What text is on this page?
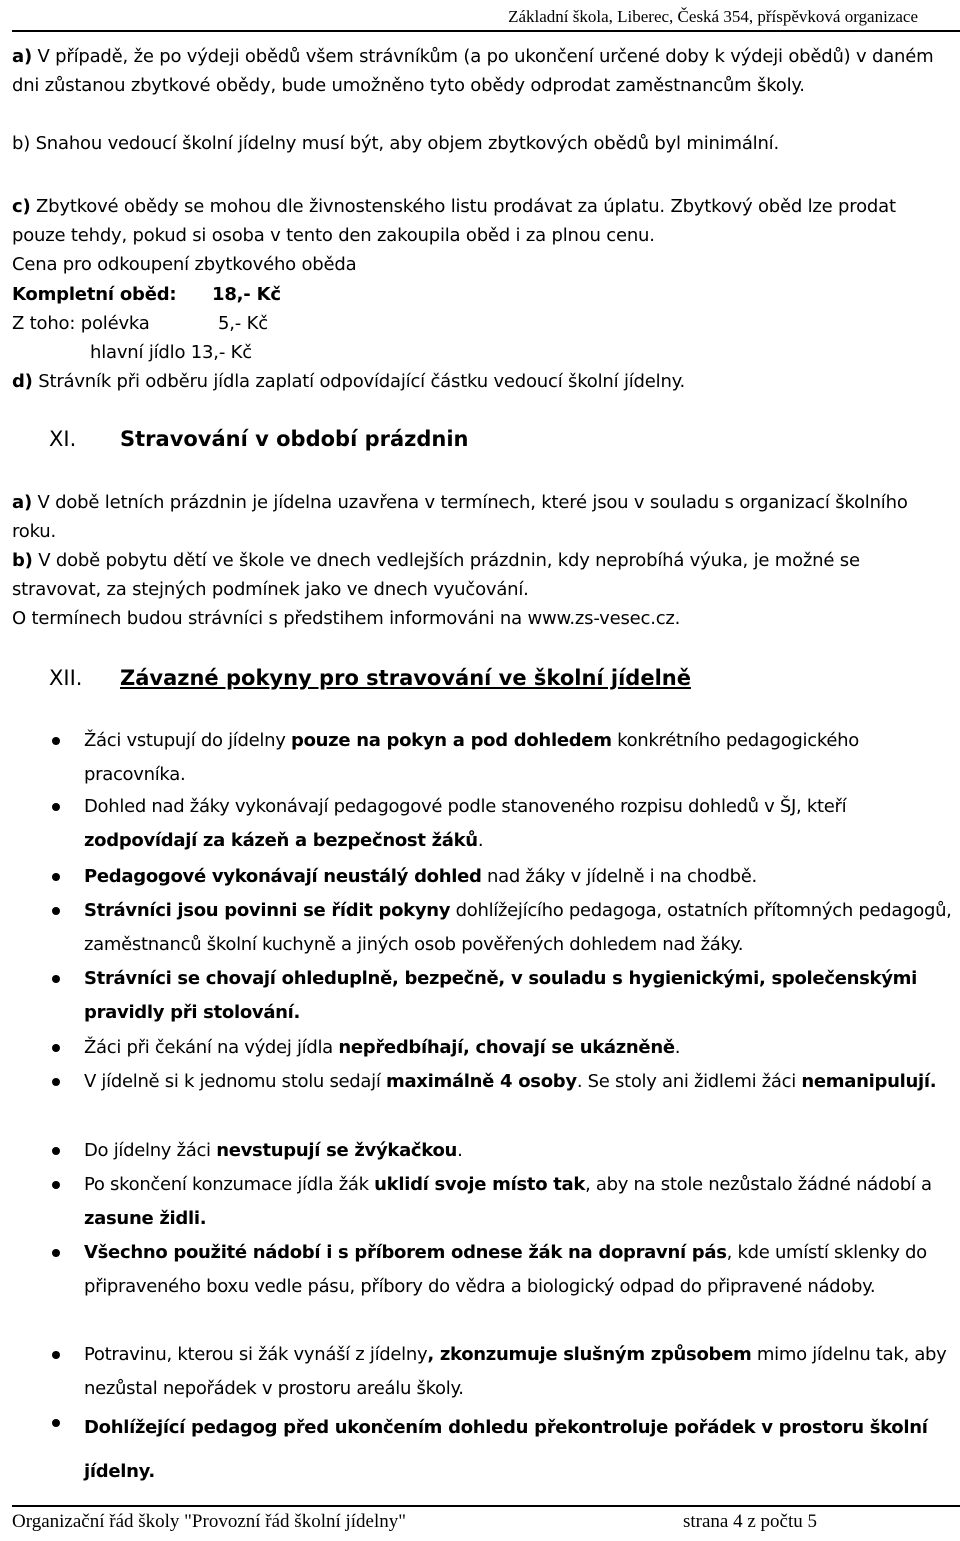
Základní škola, Liberec, Česká 354, příspěvková organizace
a) V případě, že po výdeji obědů všem strávníkům (a po ukončení určené doby k výdeji obědů) v daném dni zůstanou zbytkové obědy, bude umožněno tyto obědy odprodat zaměstnancům školy.
b) Snahou vedoucí školní jídelny musí být, aby objem zbytkových obědů byl minimální.
c) Zbytkové obědy se mohou dle živnostenského listu prodávat za úplatu. Zbytkový oběd lze prodat pouze tehdy, pokud si osoba v tento den zakoupila oběd i za plnou cenu.
Cena pro odkoupení zbytkového oběda
Kompletní oběd: 18,- Kč
Z toho: polévka	5,- Kč
hlavní jídlo 13,- Kč
d) Strávník při odběru jídla zaplatí odpovídající částku vedoucí školní jídelny.
XI. Stravování v období prázdnin
a) V době letních prázdnin je jídelna uzavřena v termínech, které jsou v souladu s organizací školního roku.
b) V době pobytu dětí ve škole ve dnech vedlejších prázdnin, kdy neprobíhá výuka, je možné se stravovat, za stejných podmínek jako ve dnech vyučování.
O termínech budou strávníci s předstihem informováni na www.zs-vesec.cz.
XII. Závazné pokyny pro stravování ve školní jídelně
Žáci vstupují do jídelny pouze na pokyn a pod dohledem konkrétního pedagogického pracovníka.
Dohled nad žáky vykonávají pedagogové podle stanoveného rozpisu dohledů v ŠJ, kteří zodpovídají za kázeň a bezpečnost žáků.
Pedagogové vykonávají neustálý dohled nad žáky v jídelně i na chodbě.
Strávníci jsou povinni se řídit pokyny dohlížejícího pedagoga, ostatních přítomných pedagogů, zaměstnanců školní kuchyně a jiných osob pověřených dohledem nad žáky.
Strávníci se chovají ohleduplně, bezpečně, v souladu s hygienickými, společenskými pravidly při stolování.
Žáci při čekání na výdej jídla nepředbíhají, chovají se ukázněně.
V jídelně si k jednomu stolu sedají maximálně 4 osoby. Se stoly ani židlemi žáci nemanipulují.
Do jídelny žáci nevstupují se žvýkačkou.
Po skončení konzumace jídla žák uklidí svoje místo tak, aby na stole nezůstalo žádné nádobí a zasune židli.
Všechno použité nádobí i s příborem odnese žák na dopravní pás, kde umístí sklenky do připraveného boxu vedle pásu, příbory do vědra a biologický odpad do připravené nádoby.
Potravinu, kterou si žák vynáší z jídelny, zkonzumuje slušným způsobem mimo jídelnu tak, aby nezůstal nepořádek v prostoru areálu školy.
Dohlížející pedagog před ukončením dohledu překontroluje pořádek v prostoru školní jídelny.
Organizační řád školy "Provozní řád školní jídelny"	strana 4 z počtu 5
